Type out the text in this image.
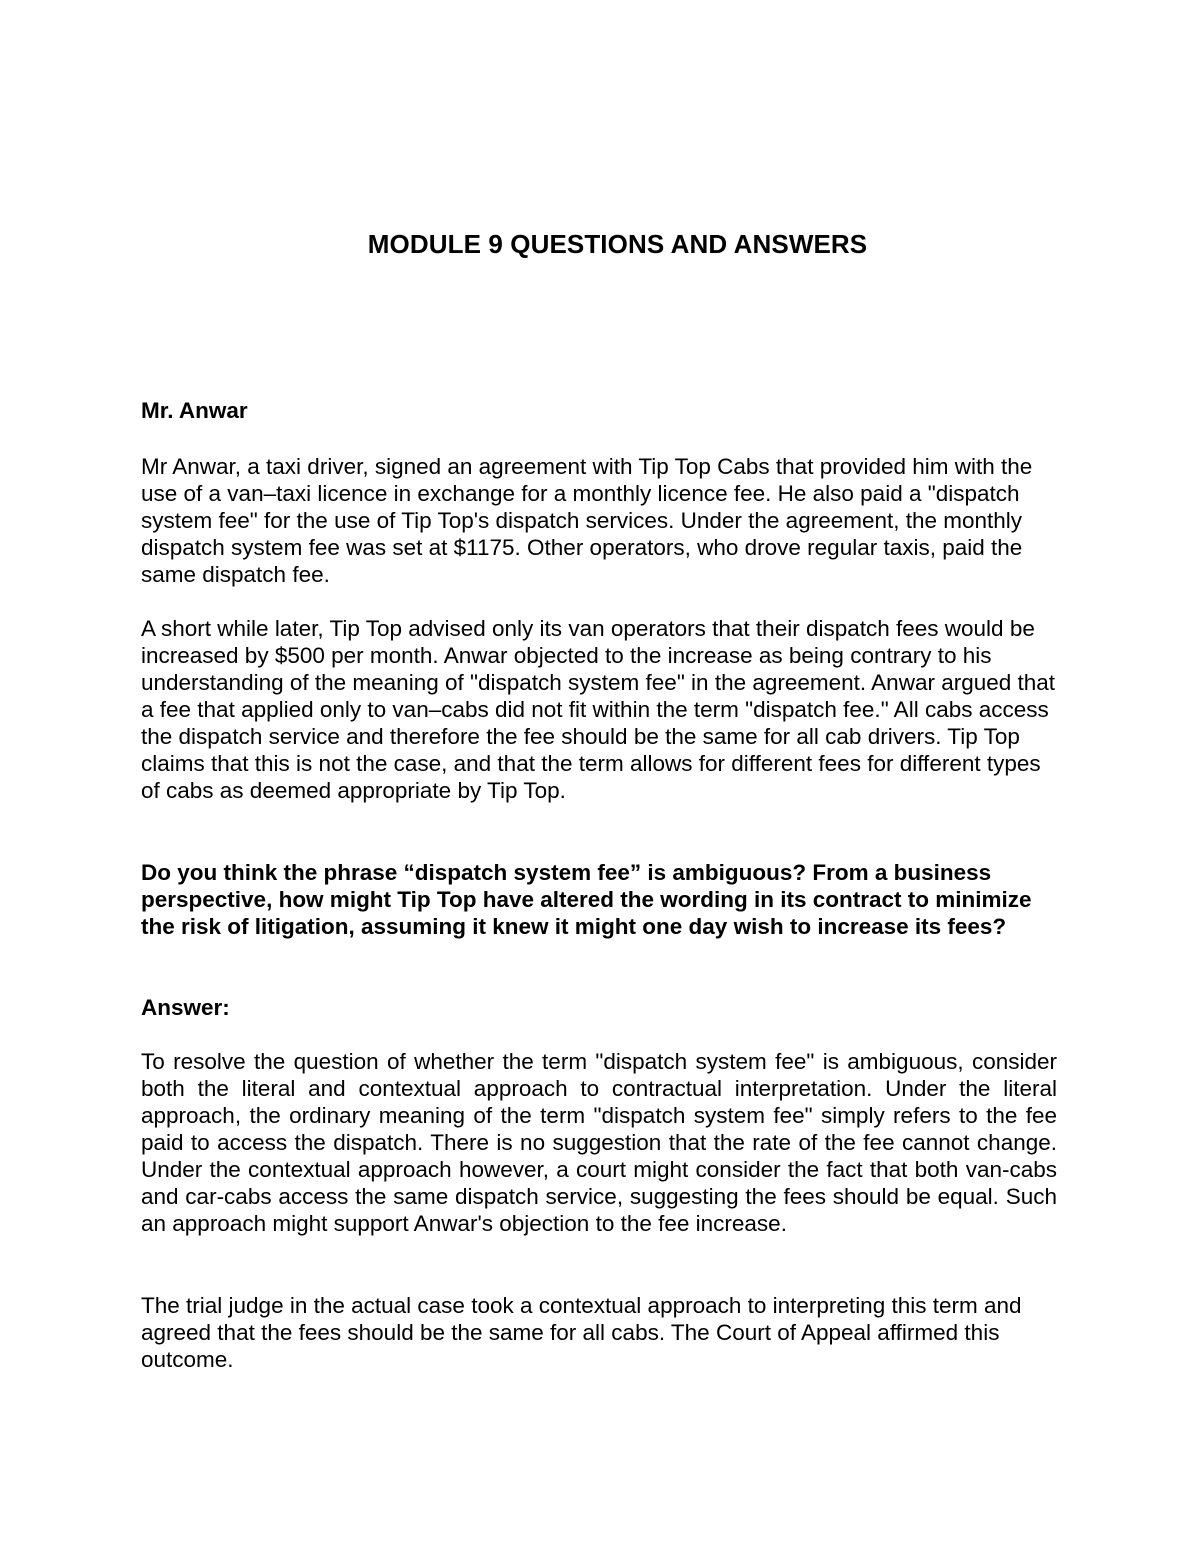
MODULE 9 QUESTIONS AND ANSWERS

Mr. Anwar

Mr Anwar, a taxi driver, signed an agreement with Tip Top Cabs that provided him with the use of a van–taxi licence in exchange for a monthly licence fee. He also paid a "dispatch system fee" for the use of Tip Top's dispatch services. Under the agreement, the monthly dispatch system fee was set at $1175. Other operators, who drove regular taxis, paid the same dispatch fee.

A short while later, Tip Top advised only its van operators that their dispatch fees would be increased by $500 per month. Anwar objected to the increase as being contrary to his understanding of the meaning of "dispatch system fee" in the agreement. Anwar argued that a fee that applied only to van–cabs did not fit within the term "dispatch fee." All cabs access the dispatch service and therefore the fee should be the same for all cab drivers. Tip Top claims that this is not the case, and that the term allows for different fees for different types of cabs as deemed appropriate by Tip Top.

Do you think the phrase “dispatch system fee” is ambiguous? From a business perspective, how might Tip Top have altered the wording in its contract to minimize the risk of litigation, assuming it knew it might one day wish to increase its fees?

Answer:

To resolve the question of whether the term "dispatch system fee" is ambiguous, consider both the literal and contextual approach to contractual interpretation. Under the literal approach, the ordinary meaning of the term "dispatch system fee" simply refers to the fee paid to access the dispatch. There is no suggestion that the rate of the fee cannot change. Under the contextual approach however, a court might consider the fact that both van-cabs and car-cabs access the same dispatch service, suggesting the fees should be equal. Such an approach might support Anwar's objection to the fee increase.

The trial judge in the actual case took a contextual approach to interpreting this term and agreed that the fees should be the same for all cabs. The Court of Appeal affirmed this outcome.
